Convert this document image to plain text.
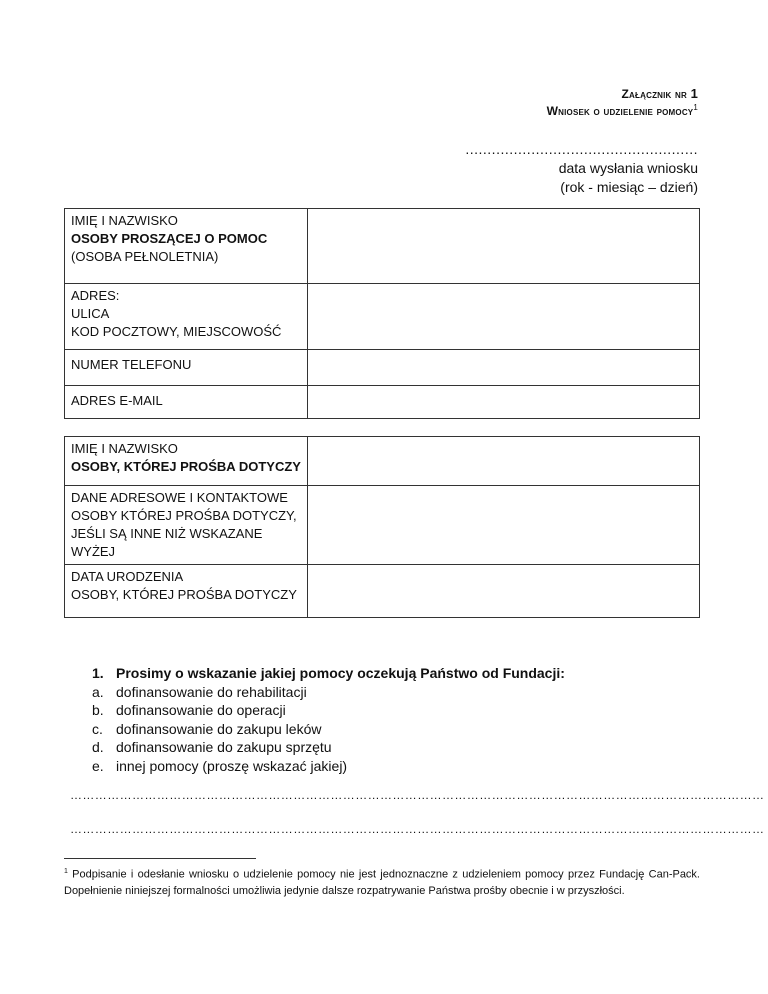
Załącznik nr 1
Wniosek o udzielenie pomocy$^1$
.....................................................
data wysłania wniosku
(rok - miesiąc – dzień)
IMIĘ I NAZWISKO
OSOBY PROSZĄCEJ O POMOC
(OSOBA PEŁNOLETNIA)	

ADRES:
ULICA
KOD POCZTOWY, MIEJSCOWOŚĆ	

NUMER TELEFONU	

ADRES E-MAIL	

IMIĘ I NAZWISKO
OSOBY, KTÓREJ PROŚBA DOTYCZY	

DANE ADRESOWE I KONTAKTOWE
OSOBY KTÓREJ PROŚBA DOTYCZY,
JEŚLI SĄ INNE NIŻ WSKAZANE WYŻEJ	

DATA URODZENIA
OSOBY, KTÓREJ PROŚBA DOTYCZY	

1. Prosimy o wskazanie jakiej pomocy oczekują Państwo od Fundacji:
a. dofinansowanie do rehabilitacji
b. dofinansowanie do operacji
c. dofinansowanie do zakupu leków
d. dofinansowanie do zakupu sprzętu
e. innej pomocy (proszę wskazać jakiej)
……………………………………………………………………………………………………………………………………………………
……………………………………………………………………………………………………………………………………………………
$^1$ Podpisanie i odesłanie wniosku o udzielenie pomocy nie jest jednoznaczne z udzieleniem pomocy przez Fundację Can-Pack. Dopełnienie niniejszej formalności umożliwia jedynie dalsze rozpatrywanie Państwa prośby obecnie i w przyszłości.
